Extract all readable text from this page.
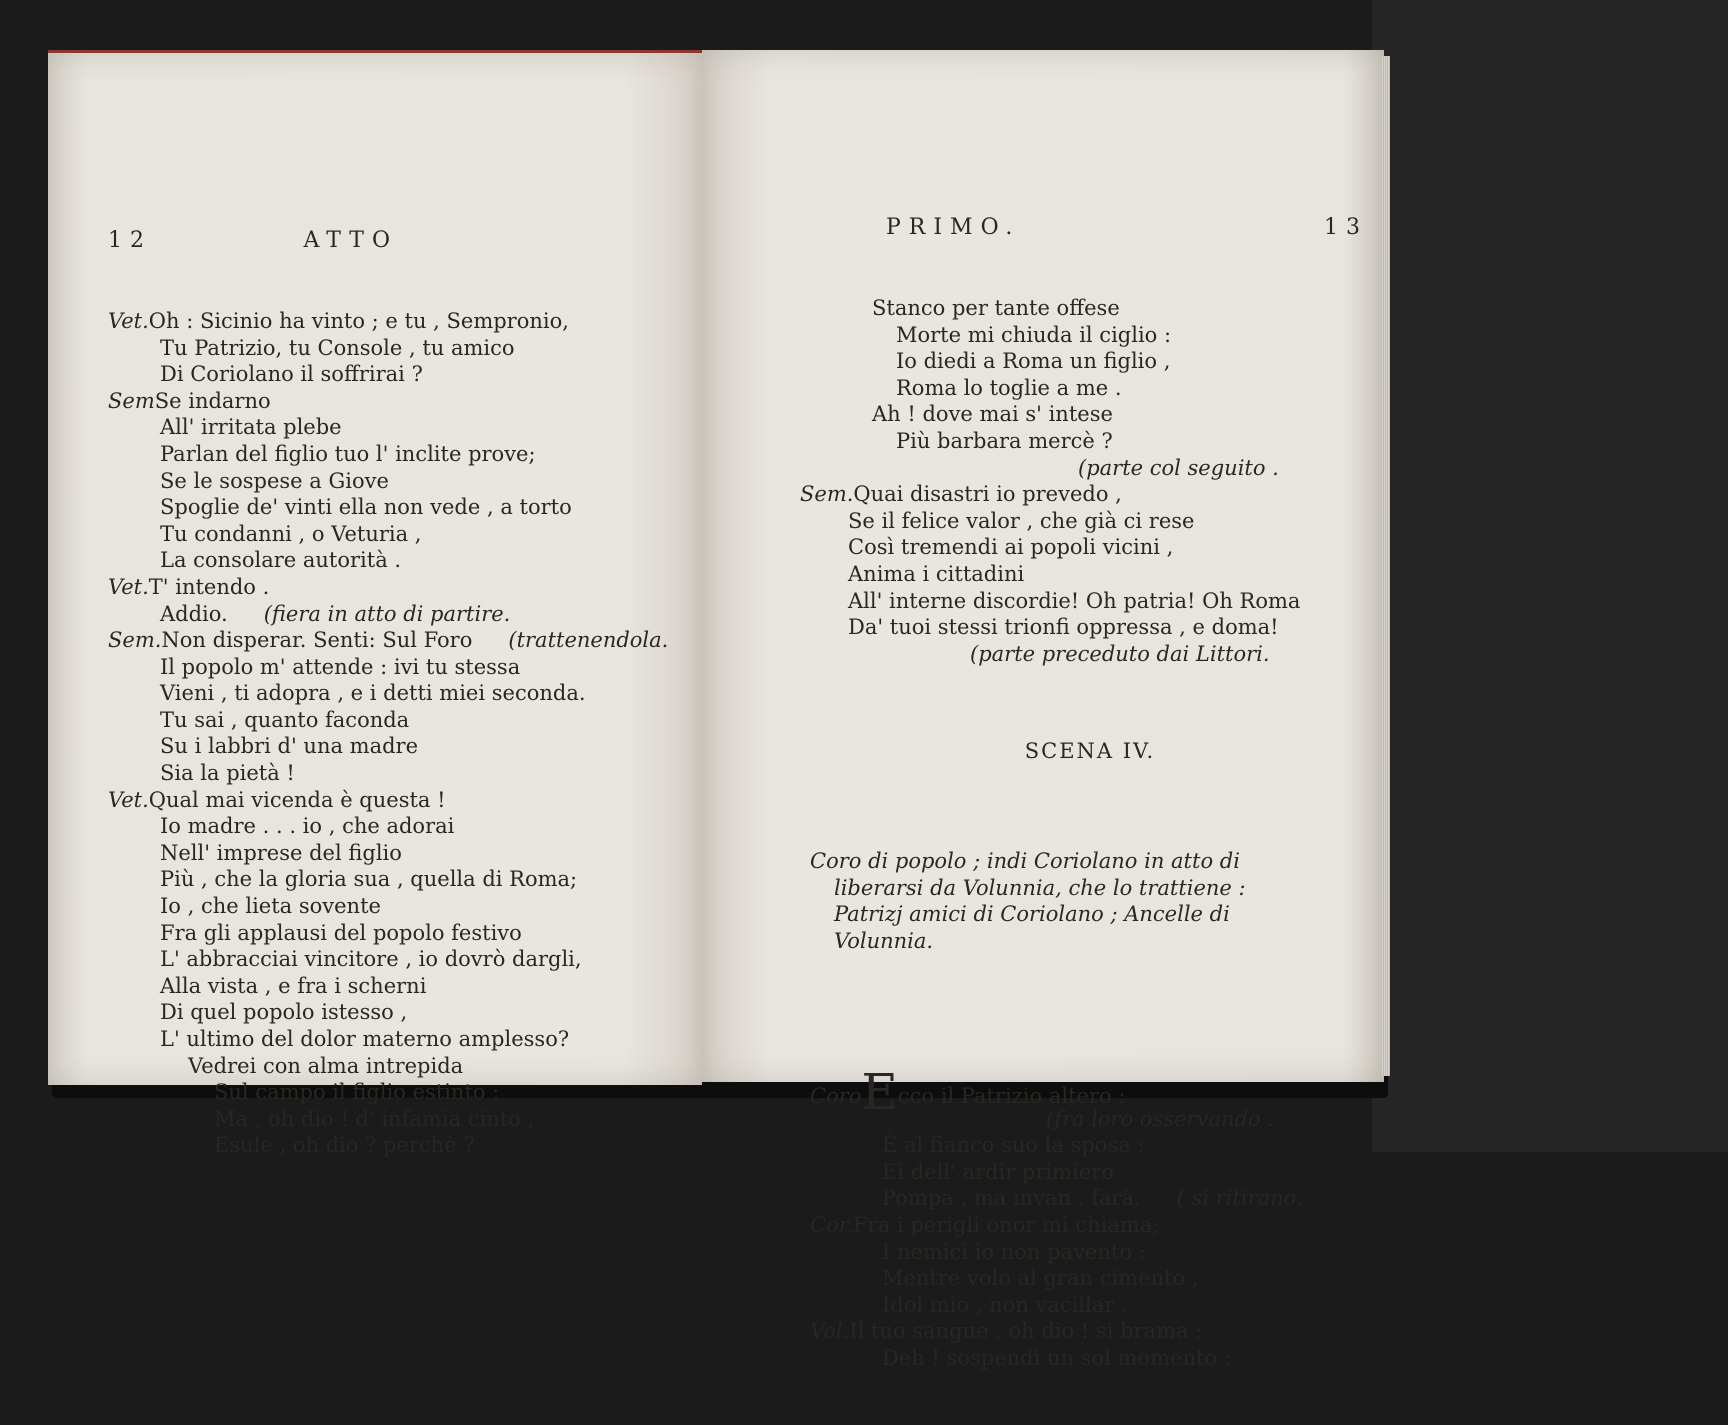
12	ATTO

Vet.Oh : Sicinio ha vinto ; e tu , Sempronio,
Tu Patrizio, tu Console , tu amico
Di Coriolano il soffrirai ?
SemSe indarno
All' irritata plebe
Parlan del figlio tuo l' inclite prove;
Se le sospese a Giove
Spoglie de' vinti ella non vede , a torto
Tu condanni , o Veturia ,
La consolare autorità .
Vet.T' intendo .
Addio. (fiera in atto di partire.
Sem.Non disperar. Senti: Sul Foro (trattenendola.
Il popolo m' attende : ivi tu stessa
Vieni , ti adopra , e i detti miei seconda.
Tu sai , quanto faconda
Su i labbri d' una madre
Sia la pietà !
Vet.Qual mai vicenda è questa !
Io madre . . . io , che adorai
Nell' imprese del figlio
Più , che la gloria sua , quella di Roma;
Io , che lieta sovente
Fra gli applausi del popolo festivo
L' abbracciai vincitore , io dovrò dargli,
Alla vista , e fra i scherni
Di quel popolo istesso ,
L' ultimo del dolor materno amplesso?
Vedrei con alma intrepida
Sul campo il figlio estinto :
Ma , oh dio ! d' infamia cinto ,
Esule , oh dio ? perchè ?

PRIMO.	13

Stanco per tante offese
Morte mi chiuda il ciglio :
Io diedi a Roma un figlio ,
Roma lo toglie a me .
Ah ! dove mai s' intese
Più barbara mercè ?
(parte col seguito .
Sem.Quai disastri io prevedo ,
Se il felice valor , che già ci rese
Così tremendi ai popoli vicini ,
Anima i cittadini
All' interne discordie! Oh patria! Oh Roma
Da' tuoi stessi trionfi oppressa , e doma!
(parte preceduto dai Littori.

SCENA IV.

Coro di popolo ; indi Coriolano in atto di
liberarsi da Volunnia, che lo trattiene :
Patrizj amici di Coriolano ; Ancelle di
Volunnia.

CoroEcco il Patrizio altero :
(fra loro osservando .
È al fianco suo la sposa :
Ei dell' ardir primiero
Pompa , ma invan , farà. ( si ritirano.
Cor.Fra i perigli onor mi chiama;
I nemici io non pavento :
Mentre volo al gran cimento ,
Idol mio , non vacillar .
Vol.Il tuo sangue , oh dio ! si brama ;
Deh ! sospendi un sol momento :
